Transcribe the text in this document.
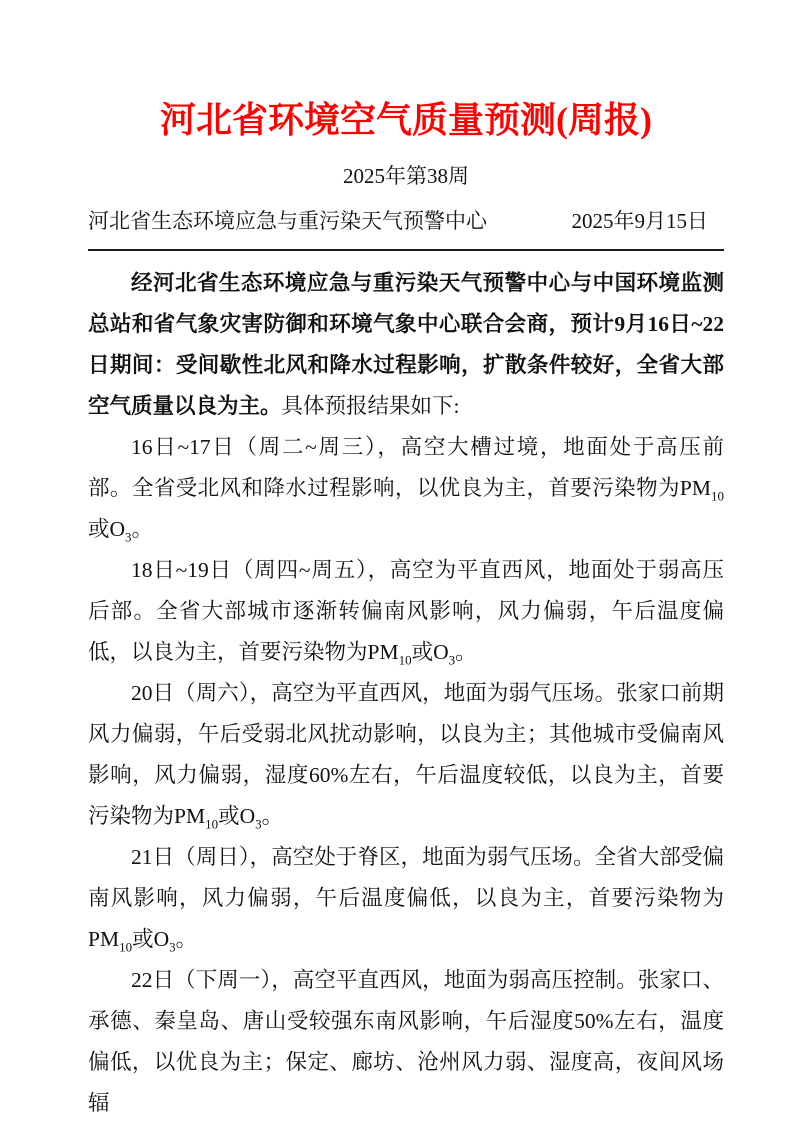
河北省环境空气质量预测(周报)
2025年第38周
河北省生态环境应急与重污染天气预警中心	2025年9月15日

经河北省生态环境应急与重污染天气预警中心与中国环境监测总站和省气象灾害防御和环境气象中心联合会商，预计9月16日~22日期间：受间歇性北风和降水过程影响，扩散条件较好，全省大部空气质量以良为主。具体预报结果如下:

16日~17日（周二~周三），高空大槽过境，地面处于高压前部。全省受北风和降水过程影响，以优良为主，首要污染物为$PM_{10}$或$O_3$。

18日~19日（周四~周五），高空为平直西风，地面处于弱高压后部。全省大部城市逐渐转偏南风影响，风力偏弱，午后温度偏低，以良为主，首要污染物为$PM_{10}$或$O_3$。

20日（周六），高空为平直西风，地面为弱气压场。张家口前期风力偏弱，午后受弱北风扰动影响，以良为主；其他城市受偏南风影响，风力偏弱，湿度60%左右，午后温度较低，以良为主，首要污染物为$PM_{10}$或$O_3$。

21日（周日），高空处于脊区，地面为弱气压场。全省大部受偏南风影响，风力偏弱，午后温度偏低，以良为主，首要污染物为$PM_{10}$或$O_3$。

22日（下周一），高空平直西风，地面为弱高压控制。张家口、承德、秦皇岛、唐山受较强东南风影响，午后湿度50%左右，温度偏低，以优良为主；保定、廊坊、沧州风力弱、湿度高，夜间风场辐
